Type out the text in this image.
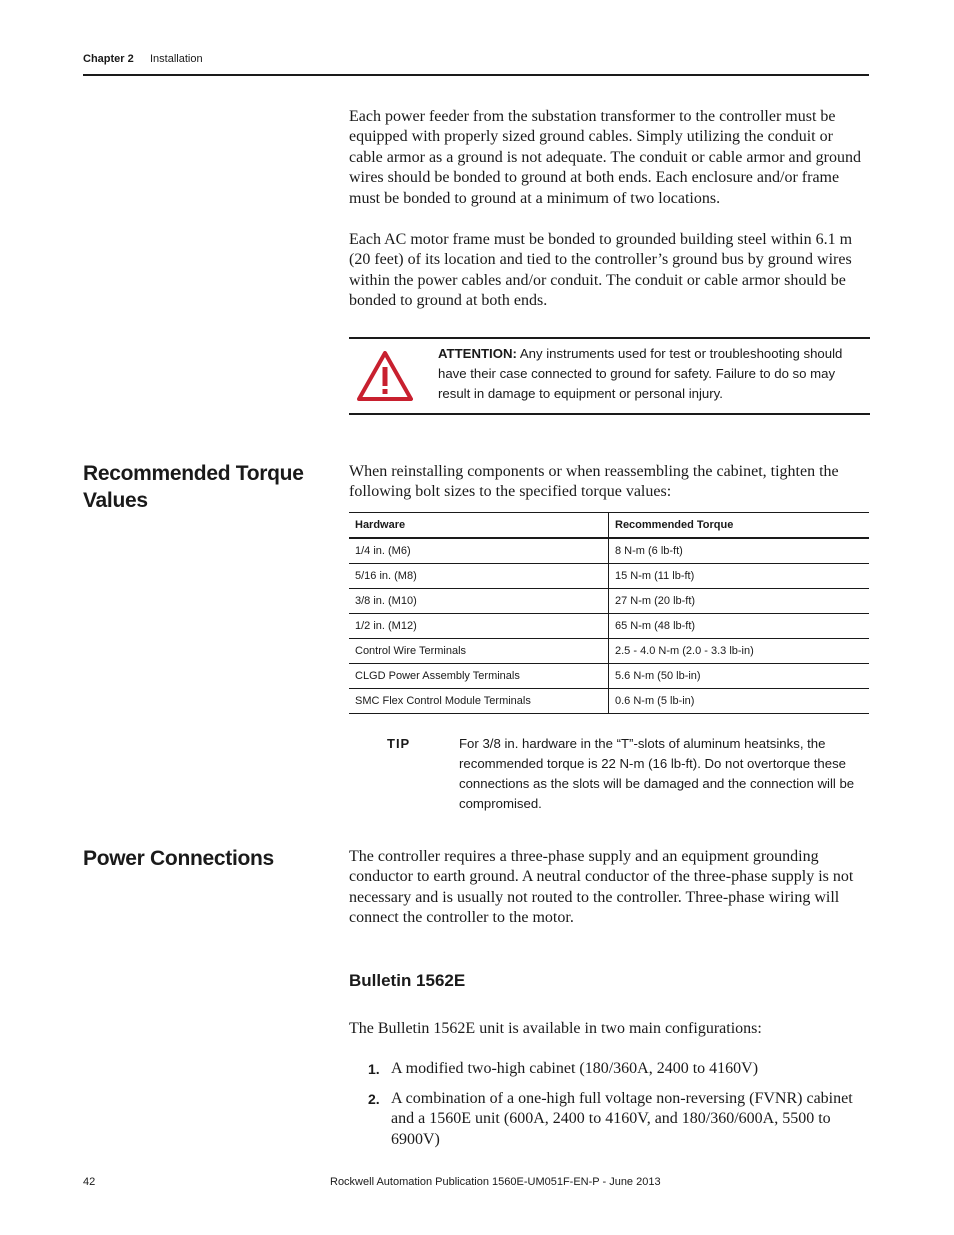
Chapter 2 Installation

Each power feeder from the substation transformer to the controller must be equipped with properly sized ground cables. Simply utilizing the conduit or cable armor as a ground is not adequate. The conduit or cable armor and ground wires should be bonded to ground at both ends. Each enclosure and/or frame must be bonded to ground at a minimum of two locations.

Each AC motor frame must be bonded to grounded building steel within 6.1 m (20 feet) of its location and tied to the controller’s ground bus by ground wires within the power cables and/or conduit. The conduit or cable armor should be bonded to ground at both ends.

ATTENTION: Any instruments used for test or troubleshooting should have their case connected to ground for safety. Failure to do so may result in damage to equipment or personal injury.
Recommended Torque Values

When reinstalling components or when reassembling the cabinet, tighten the following bolt sizes to the specified torque values:

Hardware	Recommended Torque
1/4 in. (M6)	8 N-m (6 lb-ft)
5/16 in. (M8)	15 N-m (11 lb-ft)
3/8 in. (M10)	27 N-m (20 lb-ft)
1/2 in. (M12)	65 N-m (48 lb-ft)
Control Wire Terminals	2.5 - 4.0 N-m (2.0 - 3.3 lb-in)
CLGD Power Assembly Terminals	5.6 N-m (50 lb-in)
SMC Flex Control Module Terminals	0.6 N-m (5 lb-in)
TIP	For 3/8 in. hardware in the “T”-slots of aluminum heatsinks, the recommended torque is 22 N-m (16 lb-ft). Do not overtorque these connections as the slots will be damaged and the connection will be compromised.
Power Connections	The controller requires a three-phase supply and an equipment grounding conductor to earth ground. A neutral conductor of the three-phase supply is not necessary and is usually not routed to the controller. Three-phase wiring will connect the controller to the motor.

Bulletin 1562E

The Bulletin 1562E unit is available in two main configurations:

1. A modified two-high cabinet (180/360A, 2400 to 4160V)
2. A combination of a one-high full voltage non-reversing (FVNR) cabinet and a 1560E unit (600A, 2400 to 4160V, and 180/360/600A, 5500 to 6900V)
42	Rockwell Automation Publication 1560E-UM051F-EN-P - June 2013
